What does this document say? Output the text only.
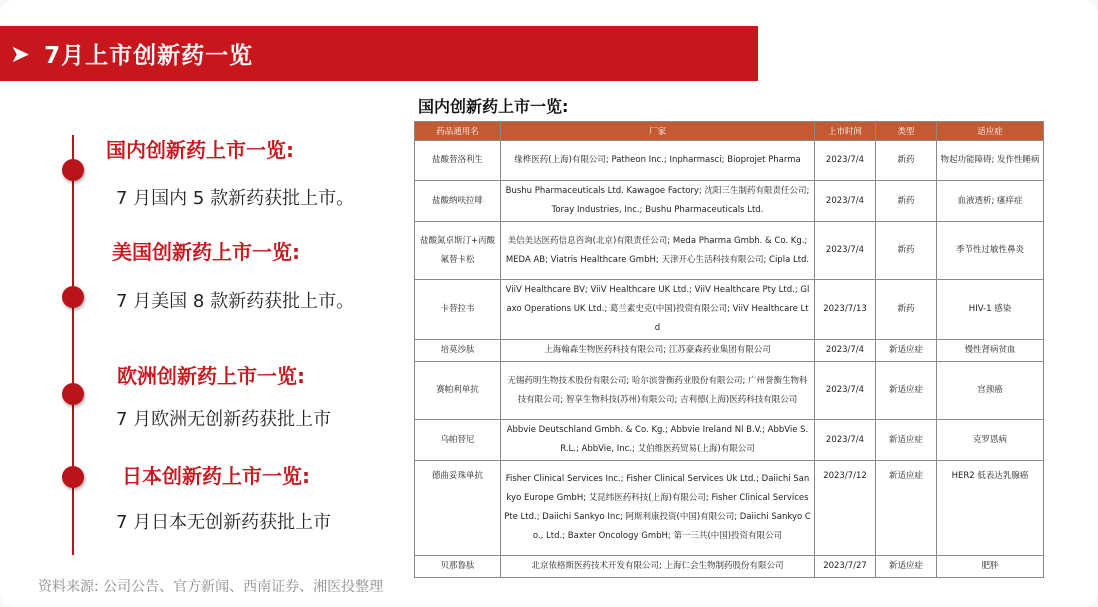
➤ 7月上市创新药一览
国内创新药上市一览:
7 月国内 5 款新药获批上市。
美国创新药上市一览:
7 月美国 8 款新药获批上市。
欧洲创新药上市一览:
7 月欧洲无创新药获批上市
日本创新药上市一览:
7 月日本无创新药获批上市
国内创新药上市一览:
药品通用名	厂家	上市时间	类型	适应症
盐酸替洛利生	缘桦医药(上海)有限公司; Patheon Inc.; Inpharmasci; Bioprojet Pharma	2023/7/4	新药	物起功能障碍; 发作性睡病
盐酸纳呋拉啡	Bushu Pharmaceuticals Ltd. Kawagoe Factory; 沈阳三生制药有限责任公司; Toray Industries, Inc.; Bushu Pharmaceuticals Ltd.	2023/7/4	新药	血液透析; 瘙痒症
盐酸氮卓斯汀+丙酸氟替卡松	美信美达医药信息咨询(北京)有限责任公司; Meda Pharma Gmbh. & Co. Kg.; MEDA AB; Viatris Healthcare GmbH; 天津开心生活科技有限公司; Cipla Ltd.	2023/7/4	新药	季节性过敏性鼻炎
卡替拉韦	ViiV Healthcare BV; ViiV Healthcare UK Ltd.; ViiV Healthcare Pty Ltd.; Glaxo Operations UK Ltd.; 葛兰素史克(中国)投资有限公司; ViiV Healthcare Ltd	2023/7/13	新药	HIV-1 感染
培莫沙肽	上海翰森生物医药科技有限公司; 江苏豪森药业集团有限公司	2023/7/4	新适应症	慢性肾病贫血
赛帕利单抗	无锡药明生物技术股份有限公司; 哈尔滨誉衡药业股份有限公司; 广州誉衡生物科技有限公司; 智享生物科技(苏州)有限公司; 吉利德(上海)医药科技有限公司	2023/7/4	新适应症	宫颈癌
乌帕替尼	Abbvie Deutschland Gmbh. & Co. Kg.; Abbvie Ireland Nl B.V.; AbbVie S.R.L.; AbbVie, Inc.; 艾伯维医药贸易(上海)有限公司	2023/7/4	新适应症	克罗恩病
德曲妥珠单抗	Fisher Clinical Services Inc.; Fisher Clinical Services Uk Ltd.; Daiichi Sankyo Europe GmbH; 艾昆纬医药科技(上海)有限公司; Fisher Clinical Services Pte Ltd.; Daiichi Sankyo Inc; 阿斯利康投资(中国)有限公司; Daiichi Sankyo Co., Ltd.; Baxter Oncology GmbH; 第一三共(中国)投资有限公司	2023/7/12	新适应症	HER2 低表达乳腺癌
贝那鲁肽	北京依格斯医药技术开发有限公司; 上海仁会生物制药股份有限公司	2023/7/27	新适应症	肥胖
资料来源: 公司公告、官方新闻、西南证券、湘医投整理
